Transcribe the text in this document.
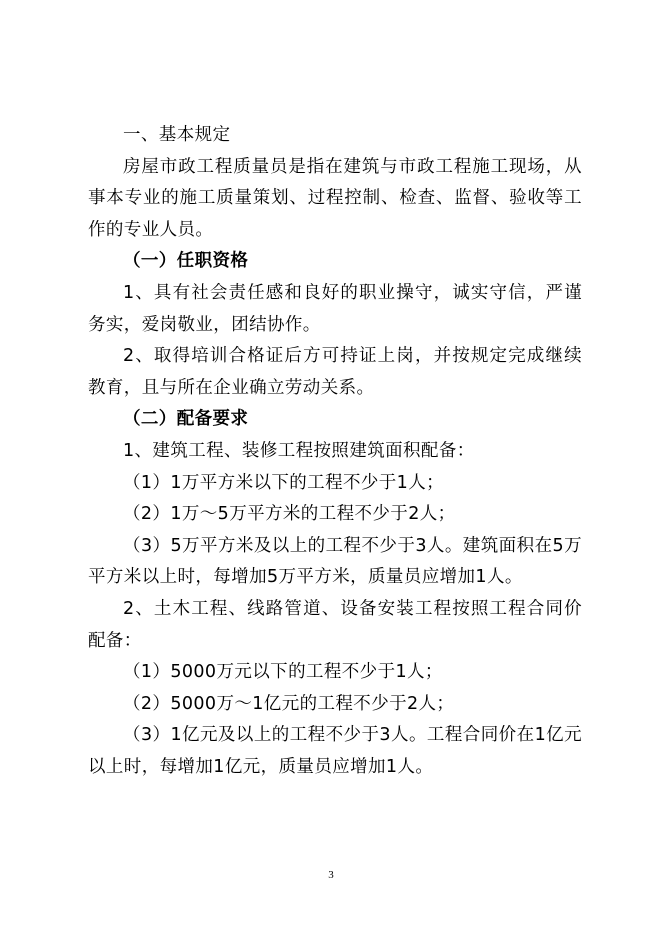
一、基本规定

房屋市政工程质量员是指在建筑与市政工程施工现场，从事本专业的施工质量策划、过程控制、检查、监督、验收等工作的专业人员。

（一）任职资格

1、具有社会责任感和良好的职业操守，诚实守信，严谨务实，爱岗敬业，团结协作。

2、取得培训合格证后方可持证上岗，并按规定完成继续教育，且与所在企业确立劳动关系。

（二）配备要求

1、建筑工程、装修工程按照建筑面积配备：

（1）1万平方米以下的工程不少于1人；

（2）1万～5万平方米的工程不少于2人；

（3）5万平方米及以上的工程不少于3人。建筑面积在5万平方米以上时，每增加5万平方米，质量员应增加1人。

2、土木工程、线路管道、设备安装工程按照工程合同价配备：

（1）5000万元以下的工程不少于1人；

（2）5000万～1亿元的工程不少于2人；

（3）1亿元及以上的工程不少于3人。工程合同价在1亿元以上时，每增加1亿元，质量员应增加1人。

3
